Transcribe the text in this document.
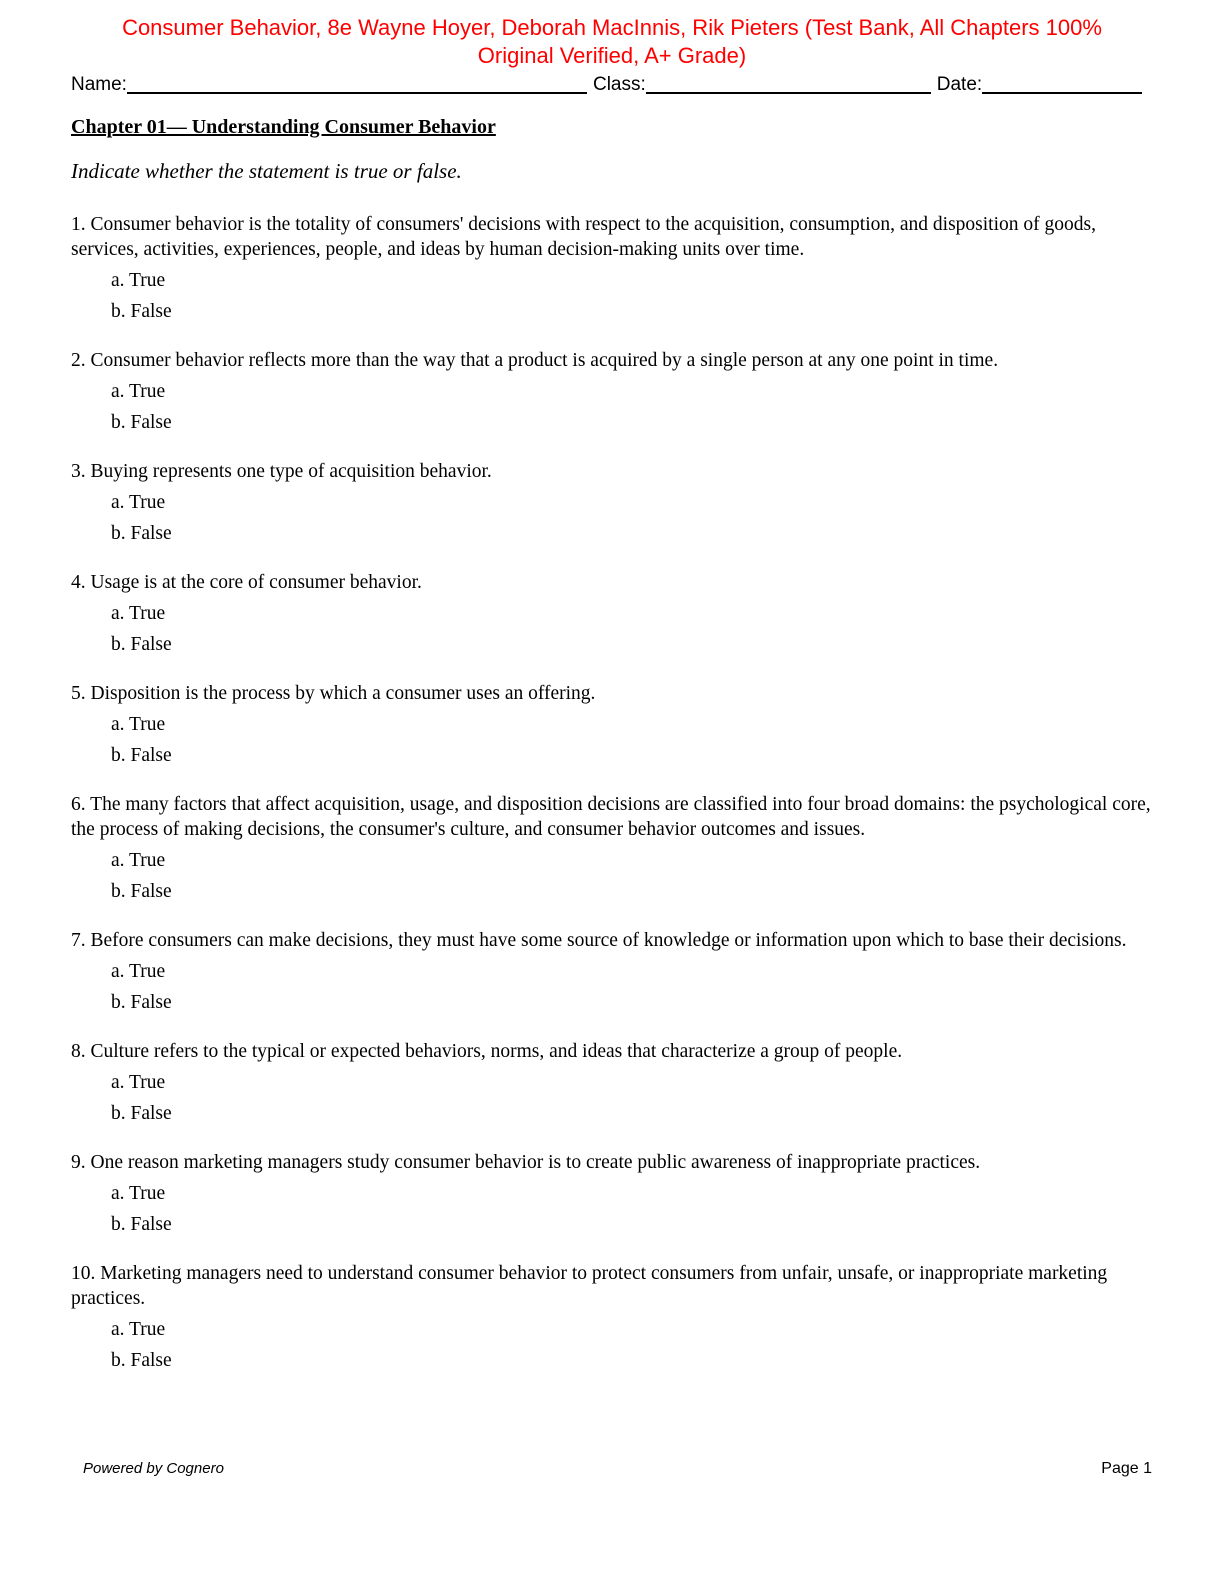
Consumer Behavior, 8e Wayne Hoyer, Deborah MacInnis, Rik Pieters (Test Bank, All Chapters 100%
Original Verified, A+ Grade)
Name:	Class:	Date:
Chapter 01— Understanding Consumer Behavior
Indicate whether the statement is true or false.
1. Consumer behavior is the totality of consumers' decisions with respect to the acquisition, consumption, and disposition of goods, services, activities, experiences, people, and ideas by human decision-making units over time.
a. True
b. False
2. Consumer behavior reflects more than the way that a product is acquired by a single person at any one point in time.
a. True
b. False
3. Buying represents one type of acquisition behavior.
a. True
b. False
4. Usage is at the core of consumer behavior.
a. True
b. False
5. Disposition is the process by which a consumer uses an offering.
a. True
b. False
6. The many factors that affect acquisition, usage, and disposition decisions are classified into four broad domains: the psychological core, the process of making decisions, the consumer's culture, and consumer behavior outcomes and issues.
a. True
b. False
7. Before consumers can make decisions, they must have some source of knowledge or information upon which to base their decisions.
a. True
b. False
8. Culture refers to the typical or expected behaviors, norms, and ideas that characterize a group of people.
a. True
b. False
9. One reason marketing managers study consumer behavior is to create public awareness of inappropriate practices.
a. True
b. False
10. Marketing managers need to understand consumer behavior to protect consumers from unfair, unsafe, or inappropriate marketing practices.
a. True
b. False
Powered by Cognero	Page 1
